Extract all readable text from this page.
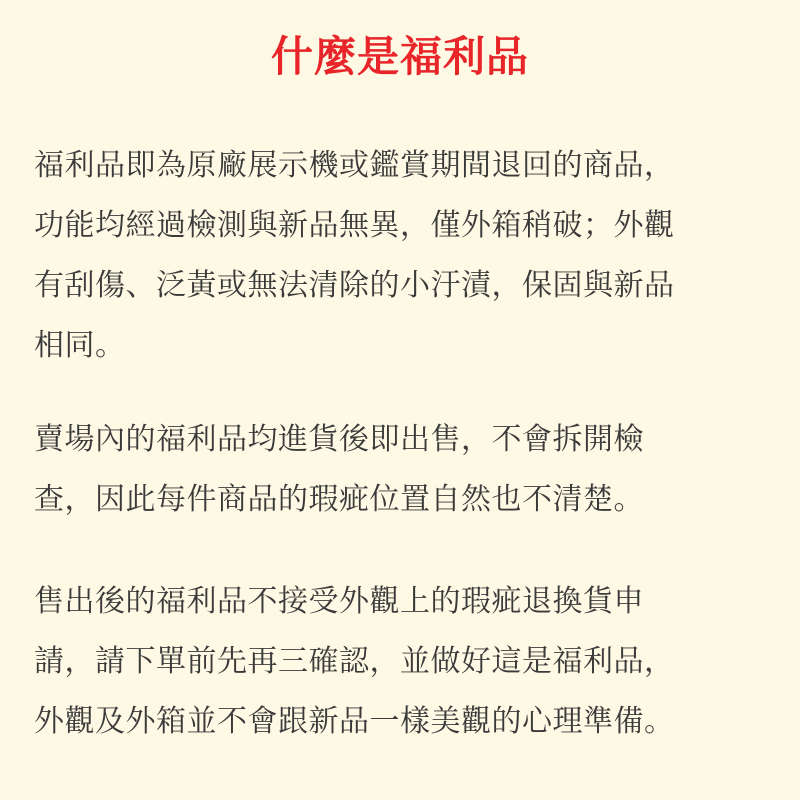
什麼是福利品
福利品即為原廠展示機或鑑賞期間退回的商品，
功能均經過檢測與新品無異，僅外箱稍破；外觀
有刮傷、泛黃或無法清除的小汙漬，保固與新品
相同。
賣場內的福利品均進貨後即出售，不會拆開檢
查，因此每件商品的瑕疵位置自然也不清楚。
售出後的福利品不接受外觀上的瑕疵退換貨申
請，請下單前先再三確認，並做好這是福利品，
外觀及外箱並不會跟新品一樣美觀的心理準備。
